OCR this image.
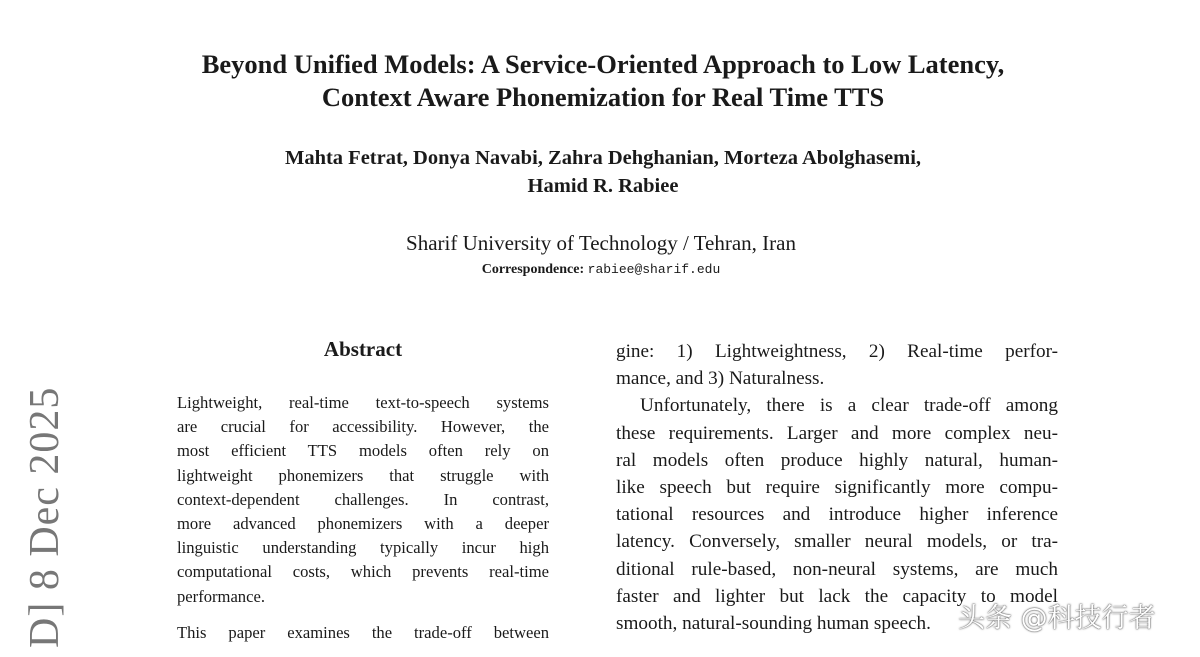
Beyond Unified Models: A Service-Oriented Approach to Low Latency,
Context Aware Phonemization for Real Time TTS
Mahta Fetrat, Donya Navabi, Zahra Dehghanian, Morteza Abolghasemi,
Hamid R. Rabiee
Sharif University of Technology / Tehran, Iran
Correspondence: rabiee@sharif.edu
D] 8 Dec 2025
Abstract

Lightweight, real-time text-to-speech systems
are crucial for accessibility. However, the
most efficient TTS models often rely on
lightweight phonemizers that struggle with
context-dependent challenges. In contrast,
more advanced phonemizers with a deeper
linguistic understanding typically incur high
computational costs, which prevents real-time
performance.

This paper examines the trade-off between

gine: 1) Lightweightness, 2) Real-time perfor-
mance, and 3) Naturalness.
Unfortunately, there is a clear trade-off among
these requirements. Larger and more complex neu-
ral models often produce highly natural, human-
like speech but require significantly more compu-
tational resources and introduce higher inference
latency. Conversely, smaller neural models, or tra-
ditional rule-based, non-neural systems, are much
faster and lighter but lack the capacity to model
smooth, natural-sounding human speech.	头条 @科技行者
